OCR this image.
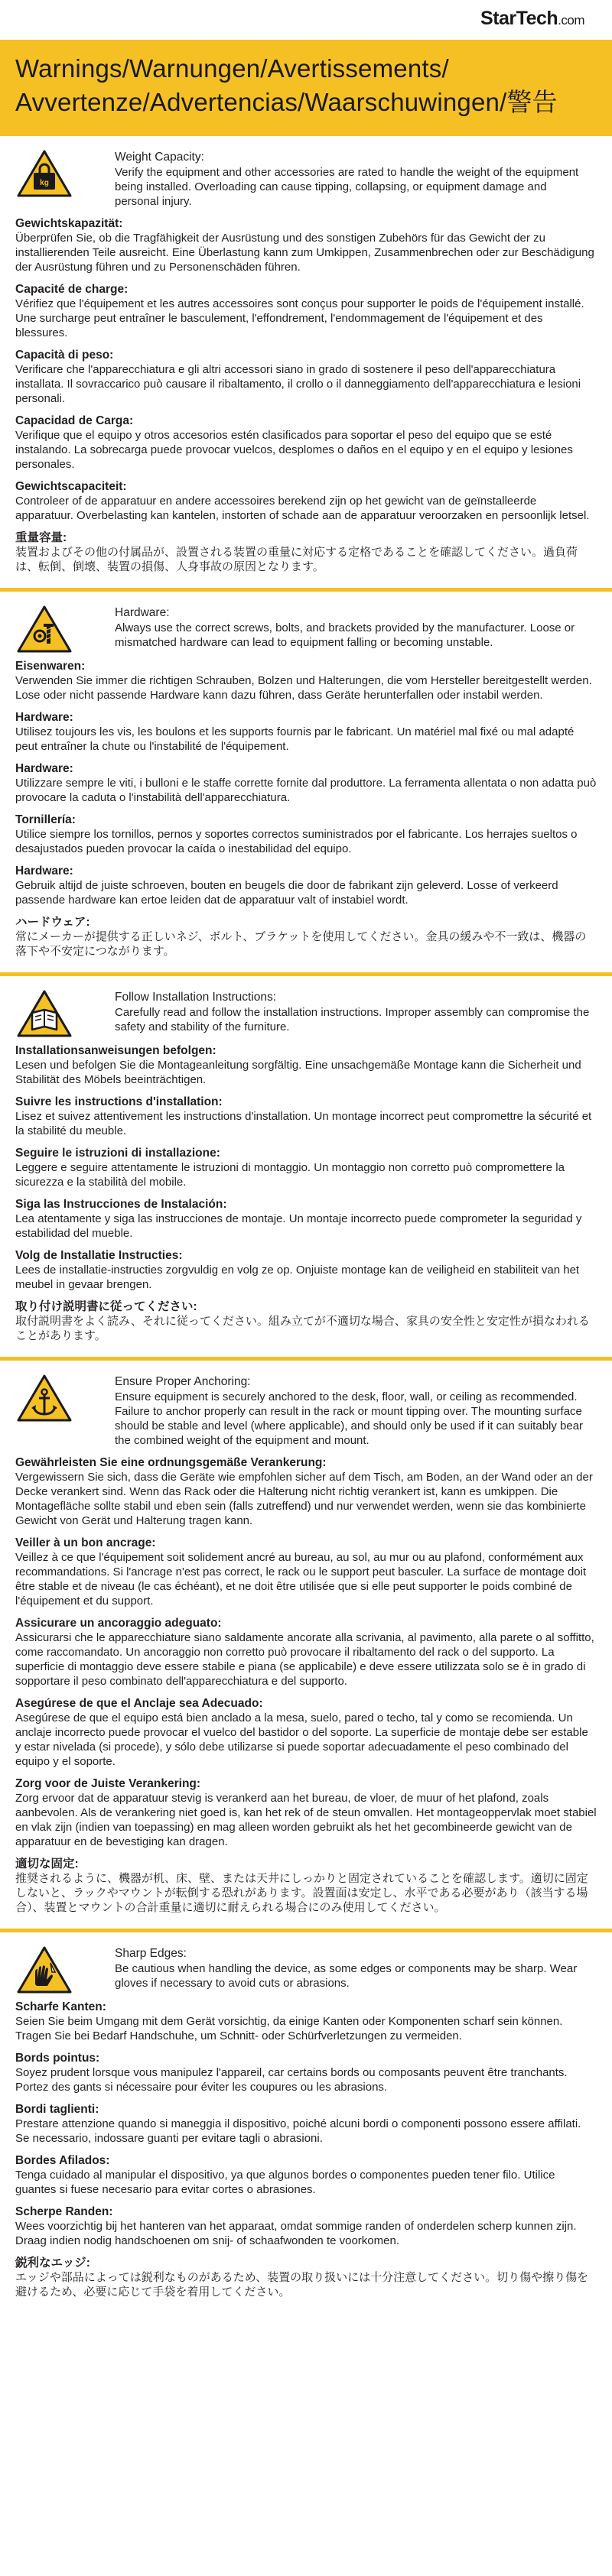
StarTech.com
Warnings/Warnungen/Avertissements/
Avvertenze/Advertencias/Waarschuwingen/警告
kg
Weight Capacity:
Verify the equipment and other accessories are rated to handle the weight of the equipment being installed. Overloading can cause tipping, collapsing, or equipment damage and personal injury.
Gewichtskapazität:
Überprüfen Sie, ob die Tragfähigkeit der Ausrüstung und des sonstigen Zubehörs für das Gewicht der zu installierenden Teile ausreicht. Eine Überlastung kann zum Umkippen, Zusammenbrechen oder zur Beschädigung der Ausrüstung führen und zu Personenschäden führen.
Capacité de charge:
Vérifiez que l'équipement et les autres accessoires sont conçus pour supporter le poids de l'équipement installé. Une surcharge peut entraîner le basculement, l'effondrement, l'endommagement de l'équipement et des blessures.
Capacità di peso:
Verificare che l'apparecchiatura e gli altri accessori siano in grado di sostenere il peso dell'apparecchiatura installata. Il sovraccarico può causare il ribaltamento, il crollo o il danneggiamento dell'apparecchiatura e lesioni personali.
Capacidad de Carga:
Verifique que el equipo y otros accesorios estén clasificados para soportar el peso del equipo que se esté instalando. La sobrecarga puede provocar vuelcos, desplomes o daños en el equipo y en el equipo y lesiones personales.
Gewichtscapaciteit:
Controleer of de apparatuur en andere accessoires berekend zijn op het gewicht van de geïnstalleerde apparatuur. Overbelasting kan kantelen, instorten of schade aan de apparatuur veroorzaken en persoonlijk letsel.
重量容量:
装置およびその他の付属品が、設置される装置の重量に対応する定格であることを確認してください。過負荷は、転倒、倒壊、装置の損傷、人身事故の原因となります。
Hardware:
Always use the correct screws, bolts, and brackets provided by the manufacturer. Loose or mismatched hardware can lead to equipment falling or becoming unstable.
Eisenwaren:
Verwenden Sie immer die richtigen Schrauben, Bolzen und Halterungen, die vom Hersteller bereitgestellt werden. Lose oder nicht passende Hardware kann dazu führen, dass Geräte herunterfallen oder instabil werden.
Hardware:
Utilisez toujours les vis, les boulons et les supports fournis par le fabricant. Un matériel mal fixé ou mal adapté peut entraîner la chute ou l'instabilité de l'équipement.
Hardware:
Utilizzare sempre le viti, i bulloni e le staffe corrette fornite dal produttore. La ferramenta allentata o non adatta può provocare la caduta o l'instabilità dell'apparecchiatura.
Tornillería:
Utilice siempre los tornillos, pernos y soportes correctos suministrados por el fabricante. Los herrajes sueltos o desajustados pueden provocar la caída o inestabilidad del equipo.
Hardware:
Gebruik altijd de juiste schroeven, bouten en beugels die door de fabrikant zijn geleverd. Losse of verkeerd passende hardware kan ertoe leiden dat de apparatuur valt of instabiel wordt.
ハードウェア:
常にメーカーが提供する正しいネジ、ボルト、ブラケットを使用してください。金具の緩みや不一致は、機器の落下や不安定につながります。
Follow Installation Instructions:
Carefully read and follow the installation instructions. Improper assembly can compromise the safety and stability of the furniture.
Installationsanweisungen befolgen:
Lesen und befolgen Sie die Montageanleitung sorgfältig. Eine unsachgemäße Montage kann die Sicherheit und Stabilität des Möbels beeinträchtigen.
Suivre les instructions d'installation:
Lisez et suivez attentivement les instructions d'installation. Un montage incorrect peut compromettre la sécurité et la stabilité du meuble.
Seguire le istruzioni di installazione:
Leggere e seguire attentamente le istruzioni di montaggio. Un montaggio non corretto può compromettere la sicurezza e la stabilità del mobile.
Siga las Instrucciones de Instalación:
Lea atentamente y siga las instrucciones de montaje. Un montaje incorrecto puede comprometer la seguridad y estabilidad del mueble.
Volg de Installatie Instructies:
Lees de installatie-instructies zorgvuldig en volg ze op. Onjuiste montage kan de veiligheid en stabiliteit van het meubel in gevaar brengen.
取り付け説明書に従ってください:
取付説明書をよく読み、それに従ってください。組み立てが不適切な場合、家具の安全性と安定性が損なわれることがあります。
Ensure Proper Anchoring:
Ensure equipment is securely anchored to the desk, floor, wall, or ceiling as recommended. Failure to anchor properly can result in the rack or mount tipping over. The mounting surface should be stable and level (where applicable), and should only be used if it can suitably bear the combined weight of the equipment and mount.
Gewährleisten Sie eine ordnungsgemäße Verankerung:
Vergewissern Sie sich, dass die Geräte wie empfohlen sicher auf dem Tisch, am Boden, an der Wand oder an der Decke verankert sind. Wenn das Rack oder die Halterung nicht richtig verankert ist, kann es umkippen. Die Montagefläche sollte stabil und eben sein (falls zutreffend) und nur verwendet werden, wenn sie das kombinierte Gewicht von Gerät und Halterung tragen kann.
Veiller à un bon ancrage:
Veillez à ce que l'équipement soit solidement ancré au bureau, au sol, au mur ou au plafond, conformément aux recommandations. Si l'ancrage n'est pas correct, le rack ou le support peut basculer. La surface de montage doit être stable et de niveau (le cas échéant), et ne doit être utilisée que si elle peut supporter le poids combiné de l'équipement et du support.
Assicurare un ancoraggio adeguato:
Assicurarsi che le apparecchiature siano saldamente ancorate alla scrivania, al pavimento, alla parete o al soffitto, come raccomandato. Un ancoraggio non corretto può provocare il ribaltamento del rack o del supporto. La superficie di montaggio deve essere stabile e piana (se applicabile) e deve essere utilizzata solo se è in grado di sopportare il peso combinato dell'apparecchiatura e del supporto.
Asegúrese de que el Anclaje sea Adecuado:
Asegúrese de que el equipo está bien anclado a la mesa, suelo, pared o techo, tal y como se recomienda. Un anclaje incorrecto puede provocar el vuelco del bastidor o del soporte. La superficie de montaje debe ser estable y estar nivelada (si procede), y sólo debe utilizarse si puede soportar adecuadamente el peso combinado del equipo y el soporte.
Zorg voor de Juiste Verankering:
Zorg ervoor dat de apparatuur stevig is verankerd aan het bureau, de vloer, de muur of het plafond, zoals aanbevolen. Als de verankering niet goed is, kan het rek of de steun omvallen. Het montageoppervlak moet stabiel en vlak zijn (indien van toepassing) en mag alleen worden gebruikt als het het gecombineerde gewicht van de apparatuur en de bevestiging kan dragen.
適切な固定:
推奨されるように、機器が机、床、壁、または天井にしっかりと固定されていることを確認します。適切に固定しないと、ラックやマウントが転倒する恐れがあります。設置面は安定し、水平である必要があり（該当する場合）、装置とマウントの合計重量に適切に耐えられる場合にのみ使用してください。
Sharp Edges:
Be cautious when handling the device, as some edges or components may be sharp. Wear gloves if necessary to avoid cuts or abrasions.
Scharfe Kanten:
Seien Sie beim Umgang mit dem Gerät vorsichtig, da einige Kanten oder Komponenten scharf sein können. Tragen Sie bei Bedarf Handschuhe, um Schnitt- oder Schürfverletzungen zu vermeiden.
Bords pointus:
Soyez prudent lorsque vous manipulez l'appareil, car certains bords ou composants peuvent être tranchants. Portez des gants si nécessaire pour éviter les coupures ou les abrasions.
Bordi taglienti:
Prestare attenzione quando si maneggia il dispositivo, poiché alcuni bordi o componenti possono essere affilati. Se necessario, indossare guanti per evitare tagli o abrasioni.
Bordes Afilados:
Tenga cuidado al manipular el dispositivo, ya que algunos bordes o componentes pueden tener filo. Utilice guantes si fuese necesario para evitar cortes o abrasiones.
Scherpe Randen:
Wees voorzichtig bij het hanteren van het apparaat, omdat sommige randen of onderdelen scherp kunnen zijn. Draag indien nodig handschoenen om snij- of schaafwonden te voorkomen.
鋭利なエッジ:
エッジや部品によっては鋭利なものがあるため、装置の取り扱いには十分注意してください。切り傷や擦り傷を避けるため、必要に応じて手袋を着用してください。
